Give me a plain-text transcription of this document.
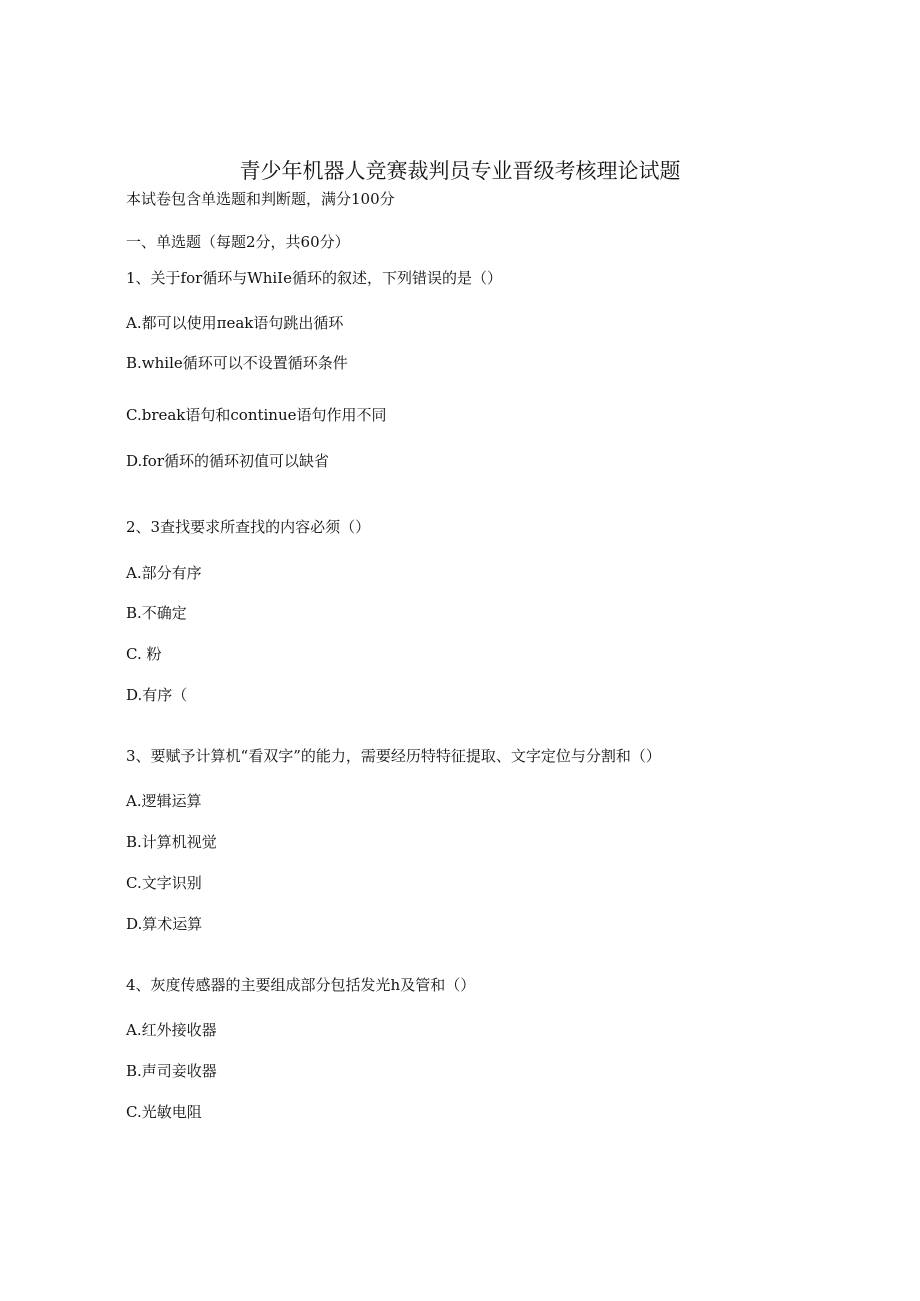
青少年机器人竞赛裁判员专业晋级考核理论试题
本试卷包含单选题和判断题，满分100分
一、单选题（每题2分，共60分）
1、关于for循环与WhiIe循环的叙述，下列错误的是（）
A.都可以使用πeak语句跳出循环
B.while循环可以不设置循环条件
C.break语句和continue语句作用不同
D.for循环的循环初值可以缺省
2、3查找要求所查找的内容必须（）
A.部分有序
B.不确定
C. 粉
D.有序（
3、要赋予计算机“看双字”的能力，需要经历特特征提取、文字定位与分割和（）
A.逻辑运算
B.计算机视觉
C.文字识别
D.算术运算
4、灰度传感器的主要组成部分包括发光h及管和（）
A.红外接收器
B.声司妾收器
C.光敏电阻
